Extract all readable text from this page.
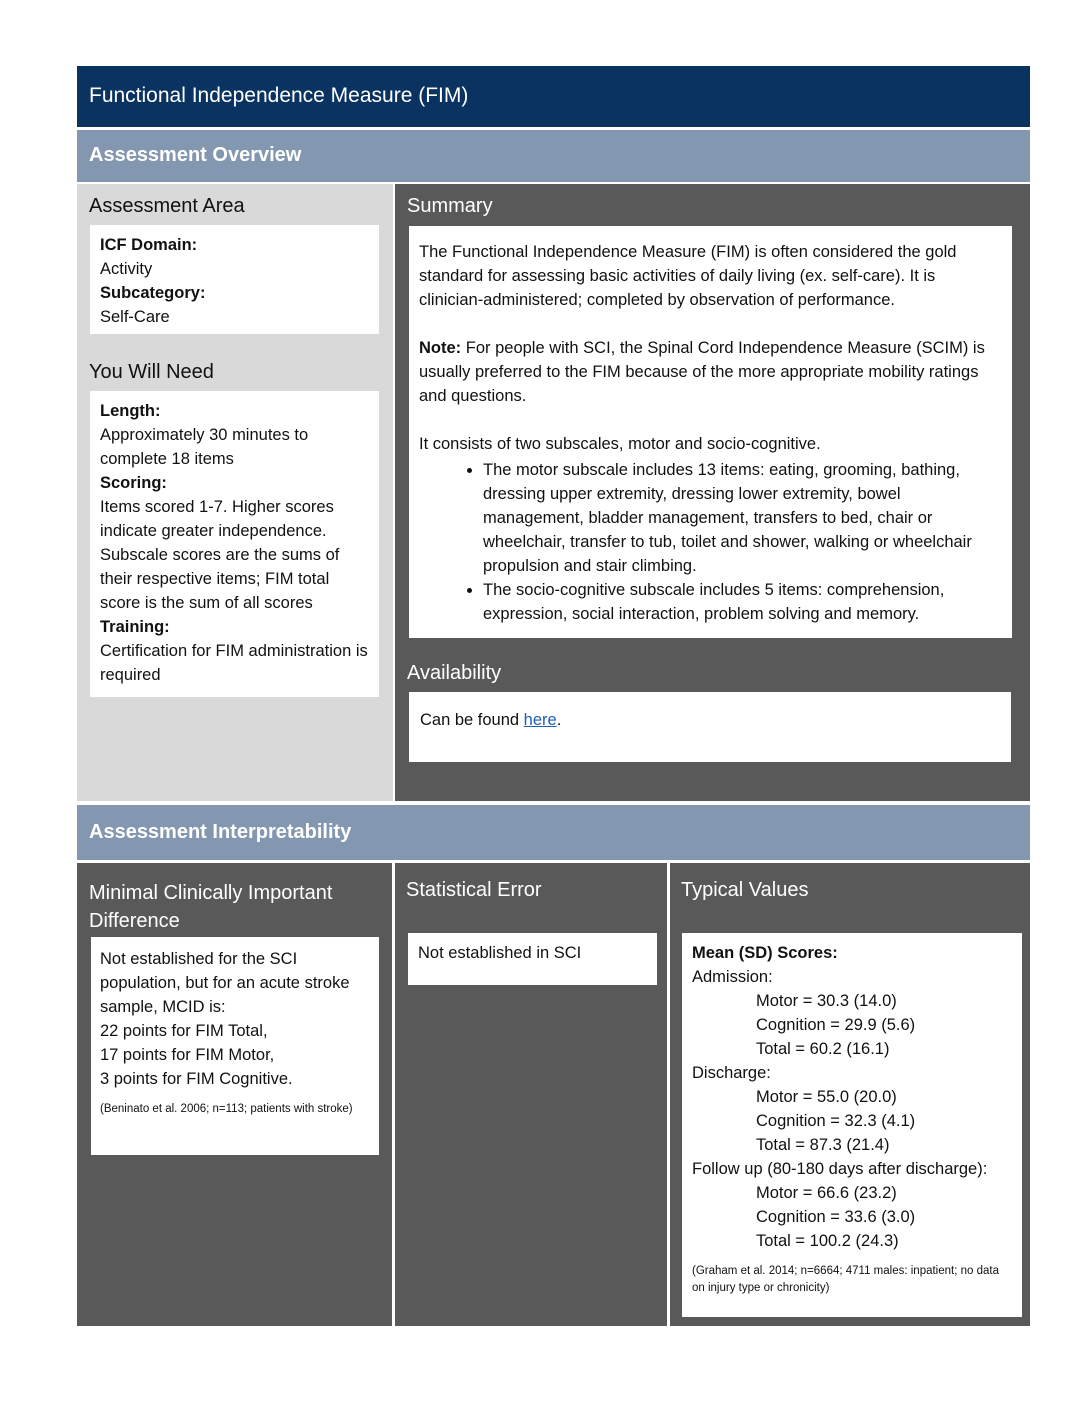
Functional Independence Measure (FIM)
Assessment Overview
Assessment Area
ICF Domain:
Activity
Subcategory:
Self-Care
You Will Need
Length:
Approximately 30 minutes to complete 18 items
Scoring:
Items scored 1-7. Higher scores indicate greater independence. Subscale scores are the sums of their respective items; FIM total score is the sum of all scores
Training:
Certification for FIM administration is required
Summary
The Functional Independence Measure (FIM) is often considered the gold standard for assessing basic activities of daily living (ex. self-care). It is clinician-administered; completed by observation of performance.
Note: For people with SCI, the Spinal Cord Independence Measure (SCIM) is usually preferred to the FIM because of the more appropriate mobility ratings and questions.
It consists of two subscales, motor and socio-cognitive.
• The motor subscale includes 13 items: eating, grooming, bathing, dressing upper extremity, dressing lower extremity, bowel management, bladder management, transfers to bed, chair or wheelchair, transfer to tub, toilet and shower, walking or wheelchair propulsion and stair climbing.
• The socio-cognitive subscale includes 5 items: comprehension, expression, social interaction, problem solving and memory.
Availability
Can be found here.
Assessment Interpretability
Minimal Clinically Important Difference
Not established for the SCI population, but for an acute stroke sample, MCID is:
22 points for FIM Total,
17 points for FIM Motor,
3 points for FIM Cognitive.
(Beninato et al. 2006; n=113; patients with stroke)
Statistical Error
Not established in SCI
Typical Values
Mean (SD) Scores:
Admission:
Motor = 30.3 (14.0)
Cognition = 29.9 (5.6)
Total = 60.2 (16.1)
Discharge:
Motor = 55.0 (20.0)
Cognition = 32.3 (4.1)
Total = 87.3 (21.4)
Follow up (80-180 days after discharge):
Motor = 66.6 (23.2)
Cognition = 33.6 (3.0)
Total = 100.2 (24.3)
(Graham et al. 2014; n=6664; 4711 males: inpatient; no data on injury type or chronicity)
